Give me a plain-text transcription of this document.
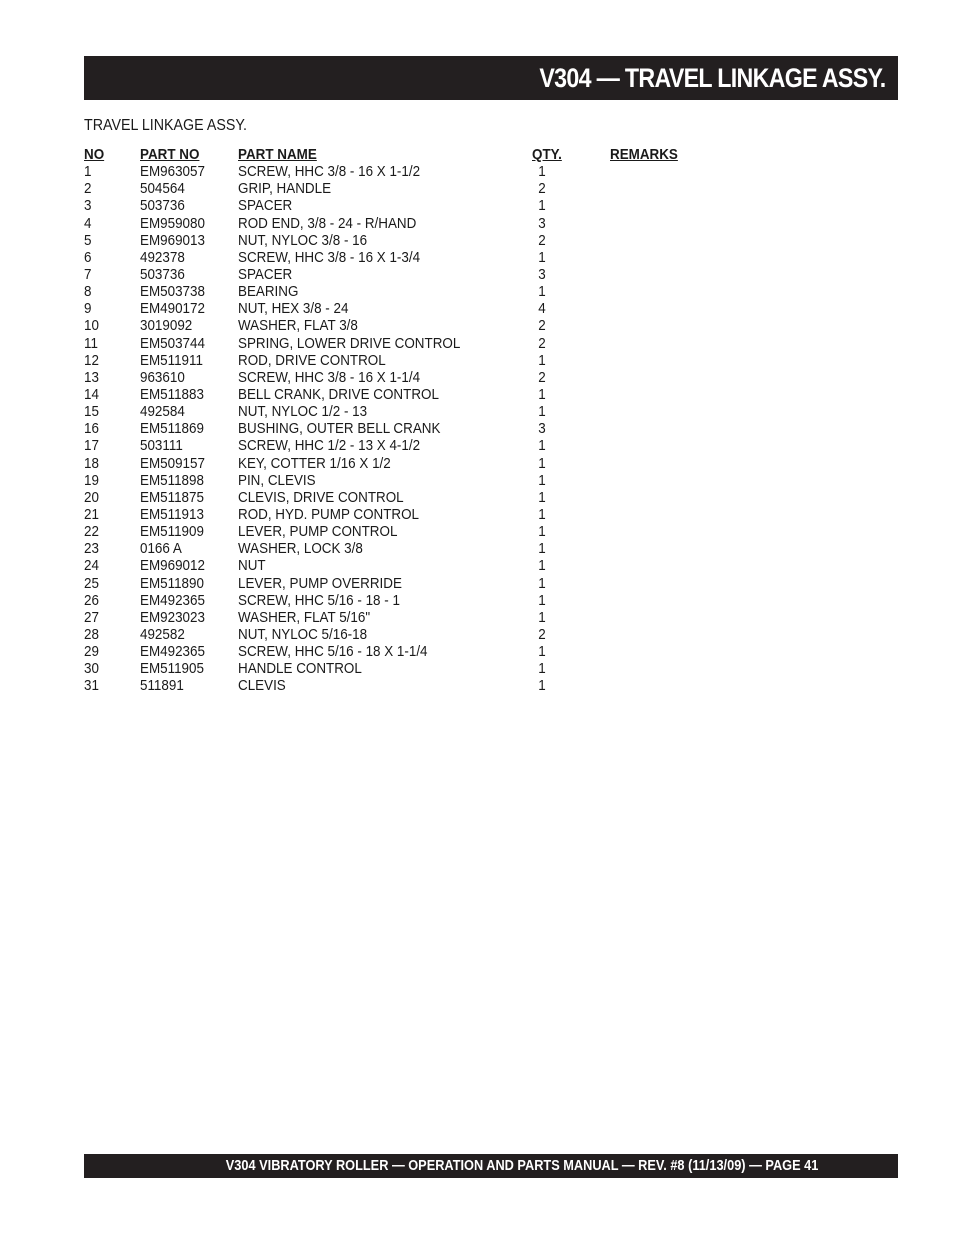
V304 — TRAVEL LINKAGE ASSY.
TRAVEL LINKAGE ASSY.
NO PART NO	PART NAME	QTY.	REMARKS
1	EM963057 SCREW, HHC 3/8 - 16 X 1-1/2	1
2	504564	GRIP, HANDLE	2
3	503736	SPACER	1
4	EM959080 ROD END, 3/8 - 24 - R/HAND	3
5	EM969013 NUT, NYLOC 3/8 - 16	2
6	492378	SCREW, HHC 3/8 - 16 X 1-3/4	1
7	503736	SPACER	3
8	EM503738 BEARING	1
9	EM490172 NUT, HEX 3/8 - 24	4
10	3019092	WASHER, FLAT 3/8	2
11	EM503744 SPRING, LOWER DRIVE CONTROL	2
12	EM511911 ROD, DRIVE CONTROL	1
13	963610	SCREW, HHC 3/8 - 16 X 1-1/4	2
14	EM511883 BELL CRANK, DRIVE CONTROL	1
15	492584	NUT, NYLOC 1/2 - 13	1
16	EM511869 BUSHING, OUTER BELL CRANK	3
17	503111	SCREW, HHC 1/2 - 13 X 4-1/2	1
18	EM509157 KEY, COTTER 1/16 X 1/2	1
19	EM511898 PIN, CLEVIS	1
20	EM511875 CLEVIS, DRIVE CONTROL	1
21	EM511913 ROD, HYD. PUMP CONTROL	1
22	EM511909 LEVER, PUMP CONTROL	1
23	0166 A	WASHER, LOCK 3/8	1
24	EM969012 NUT	1
25	EM511890 LEVER, PUMP OVERRIDE	1
26	EM492365 SCREW, HHC 5/16 - 18 - 1	1
27	EM923023 WASHER, FLAT 5/16"	1
28	492582	NUT, NYLOC 5/16-18	2
29	EM492365 SCREW, HHC 5/16 - 18 X 1-1/4	1
30	EM511905 HANDLE CONTROL	1
31	511891	CLEVIS	1
V304 VIBRATORY ROLLER — OPERATION AND PARTS MANUAL — REV. #8 (11/13/09) — PAGE 41
